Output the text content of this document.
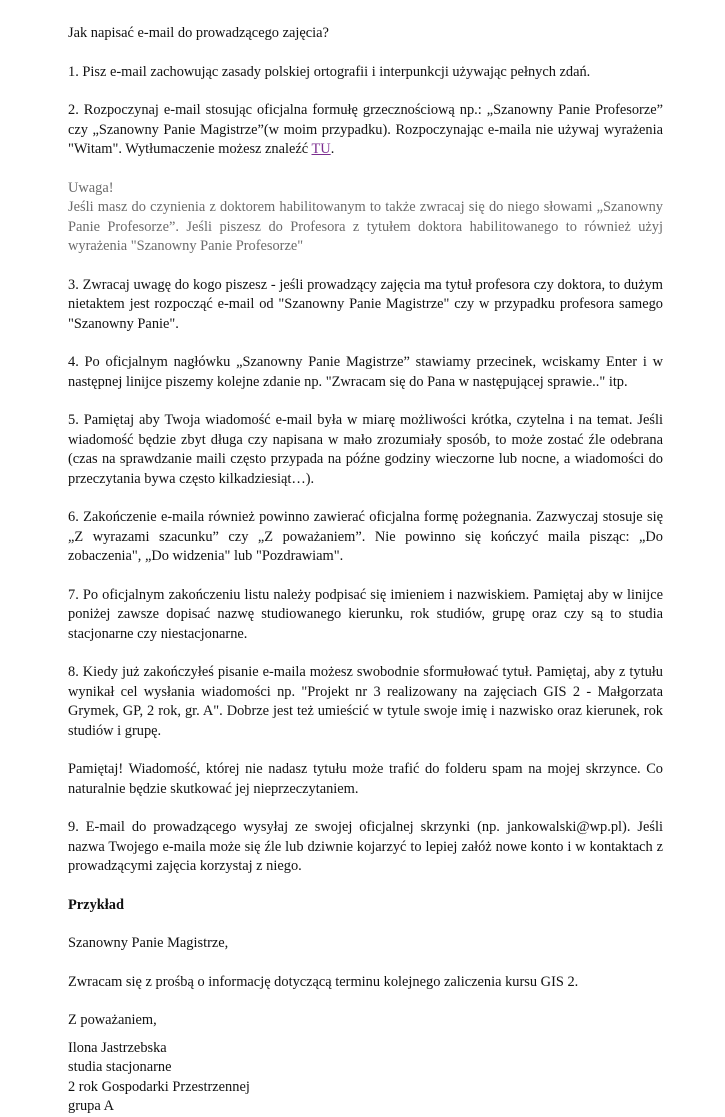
Jak napisać e-mail do prowadzącego zajęcia?

1. Pisz e-mail zachowując zasady polskiej ortografii i interpunkcji używając pełnych zdań.

2. Rozpoczynaj e-mail stosując oficjalna formułę grzecznościową np.: „Szanowny Panie Profesorze” czy „Szanowny Panie Magistrze”(w moim przypadku). Rozpoczynając e-maila nie używaj wyrażenia "Witam". Wytłumaczenie możesz znaleźć TU.

Uwaga!

Jeśli masz do czynienia z doktorem habilitowanym to także zwracaj się do niego słowami „Szanowny Panie Profesorze”. Jeśli piszesz do Profesora z tytułem doktora habilitowanego to również użyj wyrażenia "Szanowny Panie Profesorze"

3. Zwracaj uwagę do kogo piszesz - jeśli prowadzący zajęcia ma tytuł profesora czy doktora, to dużym nietaktem jest rozpocząć e-mail od "Szanowny Panie Magistrze" czy w przypadku profesora samego "Szanowny Panie".

4. Po oficjalnym nagłówku „Szanowny Panie Magistrze” stawiamy przecinek, wciskamy Enter i w następnej linijce piszemy kolejne zdanie np. "Zwracam się do Pana w następującej sprawie.." itp.

5. Pamiętaj aby Twoja wiadomość e-mail była w miarę możliwości krótka, czytelna i na temat. Jeśli wiadomość będzie zbyt długa czy napisana w mało zrozumiały sposób, to może zostać źle odebrana (czas na sprawdzanie maili często przypada na późne godziny wieczorne lub nocne, a wiadomości do przeczytania bywa często kilkadziesiąt…).

6. Zakończenie e-maila również powinno zawierać oficjalna formę pożegnania. Zazwyczaj stosuje się „Z wyrazami szacunku” czy „Z poważaniem”. Nie powinno się kończyć maila pisząc: „Do zobaczenia", „Do widzenia" lub "Pozdrawiam".

7. Po oficjalnym zakończeniu listu należy podpisać się imieniem i nazwiskiem. Pamiętaj aby w linijce poniżej zawsze dopisać nazwę studiowanego kierunku, rok studiów, grupę oraz czy są to studia stacjonarne czy niestacjonarne.

8. Kiedy już zakończyłeś pisanie e-maila możesz swobodnie sformułować tytuł. Pamiętaj, aby z tytułu wynikał cel wysłania wiadomości np. "Projekt nr 3 realizowany na zajęciach GIS 2 - Małgorzata Grymek, GP, 2 rok, gr. A". Dobrze jest też umieścić w tytule swoje imię i nazwisko oraz kierunek, rok studiów i grupę.

Pamiętaj! Wiadomość, której nie nadasz tytułu może trafić do folderu spam na mojej skrzynce. Co naturalnie będzie skutkować jej nieprzeczytaniem.

9. E-mail do prowadzącego wysyłaj ze swojej oficjalnej skrzynki (np. jankowalski@wp.pl). Jeśli nazwa Twojego e-maila może się źle lub dziwnie kojarzyć to lepiej załóż nowe konto i w kontaktach z prowadzącymi zajęcia korzystaj z niego.

Przykład

Szanowny Panie Magistrze,

Zwracam się z prośbą o informację dotyczącą terminu kolejnego zaliczenia kursu GIS 2.

Z poważaniem,

Ilona Jastrzebska
studia stacjonarne
2 rok Gospodarki Przestrzennej
grupa A
